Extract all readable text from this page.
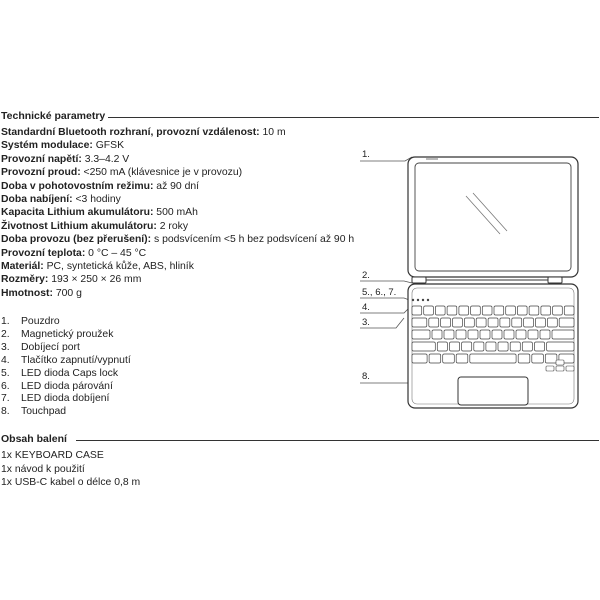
Technické parametry
Standardní Bluetooth rozhraní, provozní vzdálenost: 10 m
Systém modulace: GFSK
Provozní napětí: 3.3–4.2 V
Provozní proud: <250 mA (klávesnice je v provozu)
Doba v pohotovostním režimu: až 90 dní
Doba nabíjení: <3 hodiny
Kapacita Lithium akumulátoru: 500 mAh
Životnost Lithium akumulátoru: 2 roky
Doba provozu (bez přerušení): s podsvícením <5 h bez podsvícení až 90 h
Provozní teplota: 0 °C – 45 °C
Materiál: PC, syntetická kůže, ABS, hliník
Rozměry: 193 × 250 × 26 mm
Hmotnost: 700 g
1. Pouzdro
2. Magnetický proužek
3. Dobíjecí port
4. Tlačítko zapnutí/vypnutí
5. LED dioda Caps lock
6. LED dioda párování
7. LED dioda dobíjení
8. Touchpad
Obsah balení
1x KEYBOARD CASE
1x návod k použití
1x USB-C kabel o délce 0,8 m
1.
2.
5., 6., 7.
4.
3.
8.
